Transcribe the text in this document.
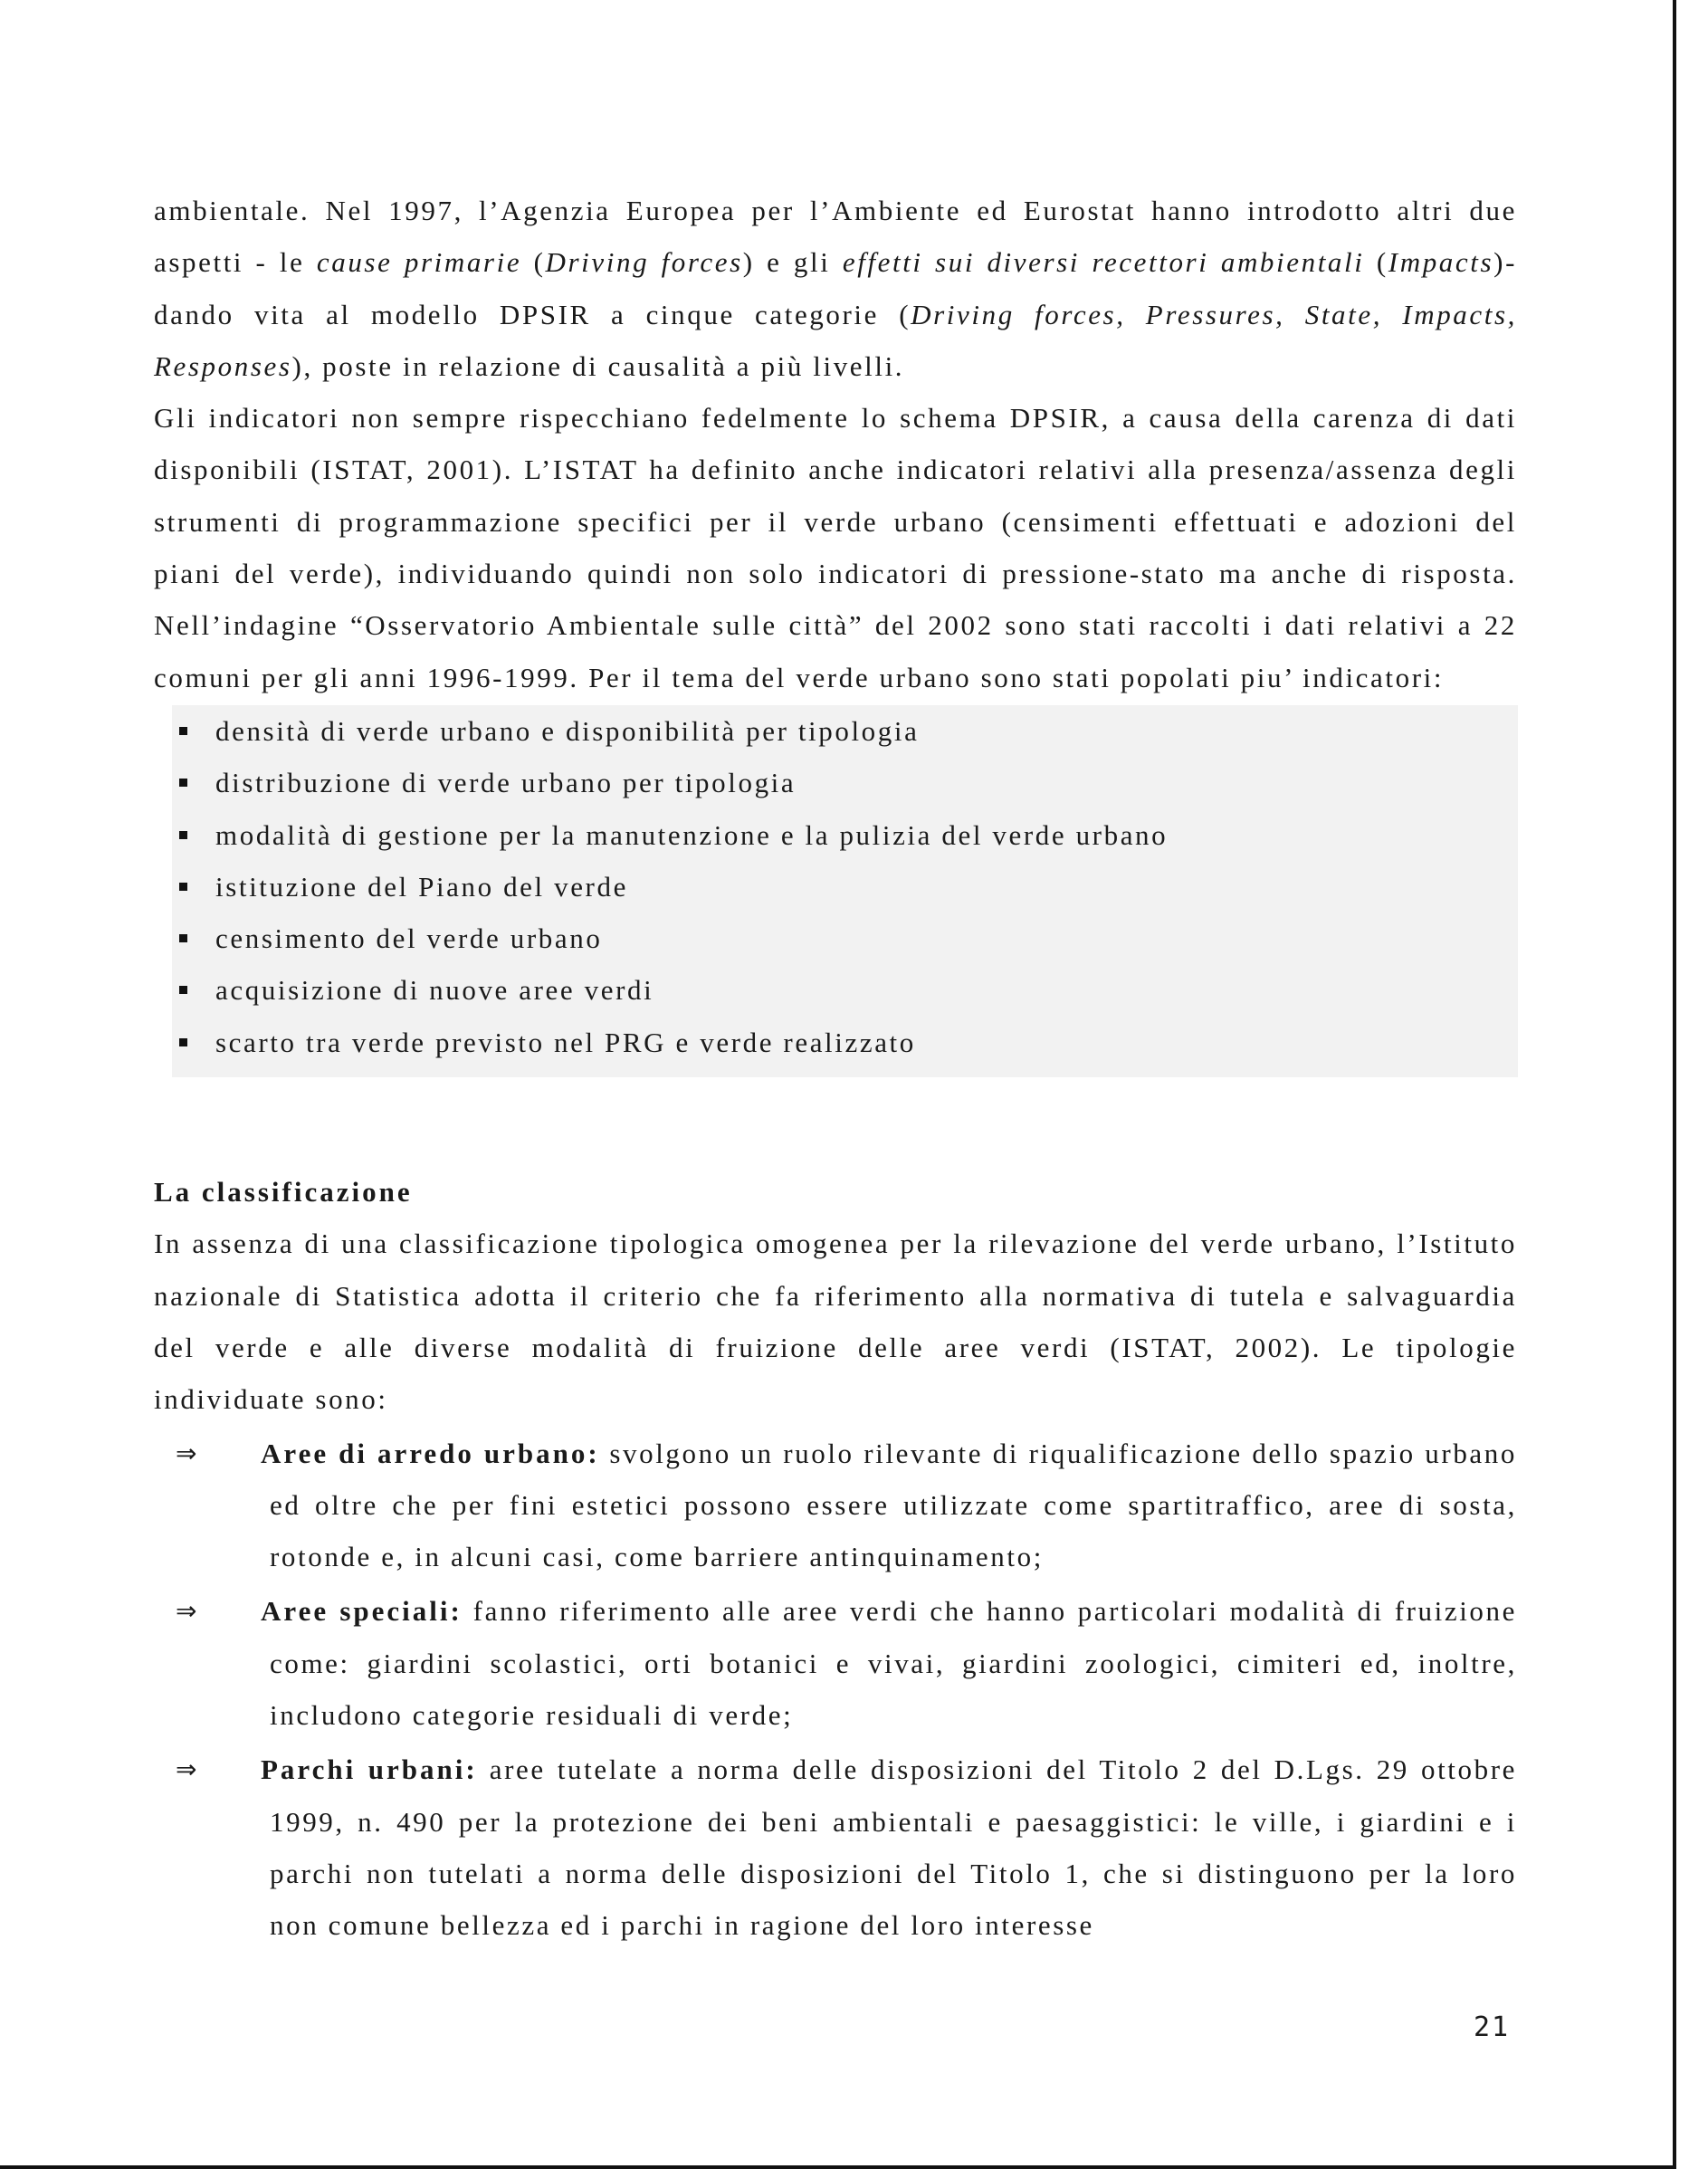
ambientale. Nel 1997, l’Agenzia Europea per l’Ambiente ed Eurostat hanno introdotto altri due aspetti - le cause primarie (Driving forces) e gli effetti sui diversi recettori ambientali (Impacts)- dando vita al modello DPSIR a cinque categorie (Driving forces, Pressures, State, Impacts, Responses), poste in relazione di causalità a più livelli.

Gli indicatori non sempre rispecchiano fedelmente lo schema DPSIR, a causa della carenza di dati disponibili (ISTAT, 2001). L’ISTAT ha definito anche indicatori relativi alla presenza/assenza degli strumenti di programmazione specifici per il verde urbano (censimenti effettuati e adozioni del piani del verde), individuando quindi non solo indicatori di pressione-stato ma anche di risposta. Nell’indagine “Osservatorio Ambientale sulle città” del 2002 sono stati raccolti i dati relativi a 22 comuni per gli anni 1996-1999. Per il tema del verde urbano sono stati popolati piu’ indicatori:

densità di verde urbano e disponibilità per tipologia
distribuzione di verde urbano per tipologia
modalità di gestione per la manutenzione e la pulizia del verde urbano
istituzione del Piano del verde
censimento del verde urbano
acquisizione di nuove aree verdi
scarto tra verde previsto nel PRG e verde realizzato

La classificazione

In assenza di una classificazione tipologica omogenea per la rilevazione del verde urbano, l’Istituto nazionale di Statistica adotta il criterio che fa riferimento alla normativa di tutela e salvaguardia del verde e alle diverse modalità di fruizione delle aree verdi (ISTAT, 2002). Le tipologie individuate sono:

⇒ Aree di arredo urbano: svolgono un ruolo rilevante di riqualificazione dello spazio urbano ed oltre che per fini estetici possono essere utilizzate come spartitraffico, aree di sosta, rotonde e, in alcuni casi, come barriere antinquinamento;
⇒ Aree speciali: fanno riferimento alle aree verdi che hanno particolari modalità di fruizione come: giardini scolastici, orti botanici e vivai, giardini zoologici, cimiteri ed, inoltre, includono categorie residuali di verde;
⇒ Parchi urbani: aree tutelate a norma delle disposizioni del Titolo 2 del D.Lgs. 29 ottobre 1999, n. 490 per la protezione dei beni ambientali e paesaggistici: le ville, i giardini e i parchi non tutelati a norma delle disposizioni del Titolo 1, che si distinguono per la loro non comune bellezza ed i parchi in ragione del loro interesse
21
